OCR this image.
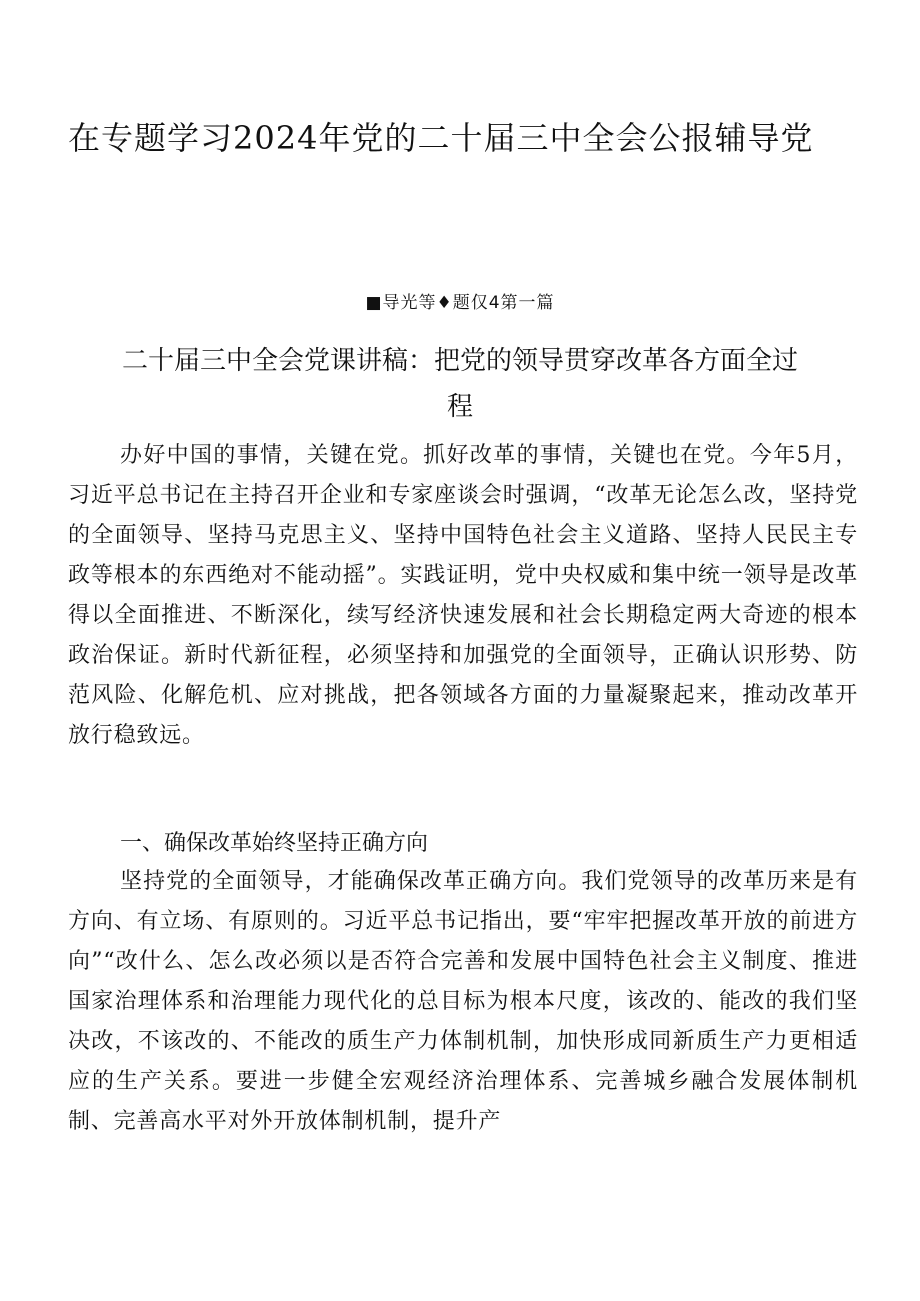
在专题学习2024年党的二十届三中全会公报辅导党
■导光等♦题仅4第一篇
二十届三中全会党课讲稿：把党的领导贯穿改革各方面全过程

办好中国的事情，关键在党。抓好改革的事情，关键也在党。今年5月，习近平总书记在主持召开企业和专家座谈会时强调，“改革无论怎么改，坚持党的全面领导、坚持马克思主义、坚持中国特色社会主义道路、坚持人民民主专政等根本的东西绝对不能动摇”。实践证明，党中央权威和集中统一领导是改革得以全面推进、不断深化，续写经济快速发展和社会长期稳定两大奇迹的根本政治保证。新时代新征程，必须坚持和加强党的全面领导，正确认识形势、防范风险、化解危机、应对挑战，把各领域各方面的力量凝聚起来，推动改革开放行稳致远。

一、确保改革始终坚持正确方向

坚持党的全面领导，才能确保改革正确方向。我们党领导的改革历来是有方向、有立场、有原则的。习近平总书记指出，要“牢牢把握改革开放的前进方向”“改什么、怎么改必须以是否符合完善和发展中国特色社会主义制度、推进国家治理体系和治理能力现代化的总目标为根本尺度，该改的、能改的我们坚决改，不该改的、不能改的质生产力体制机制，加快形成同新质生产力更相适应的生产关系。要进一步健全宏观经济治理体系、完善城乡融合发展体制机制、完善高水平对外开放体制机制，提升产
